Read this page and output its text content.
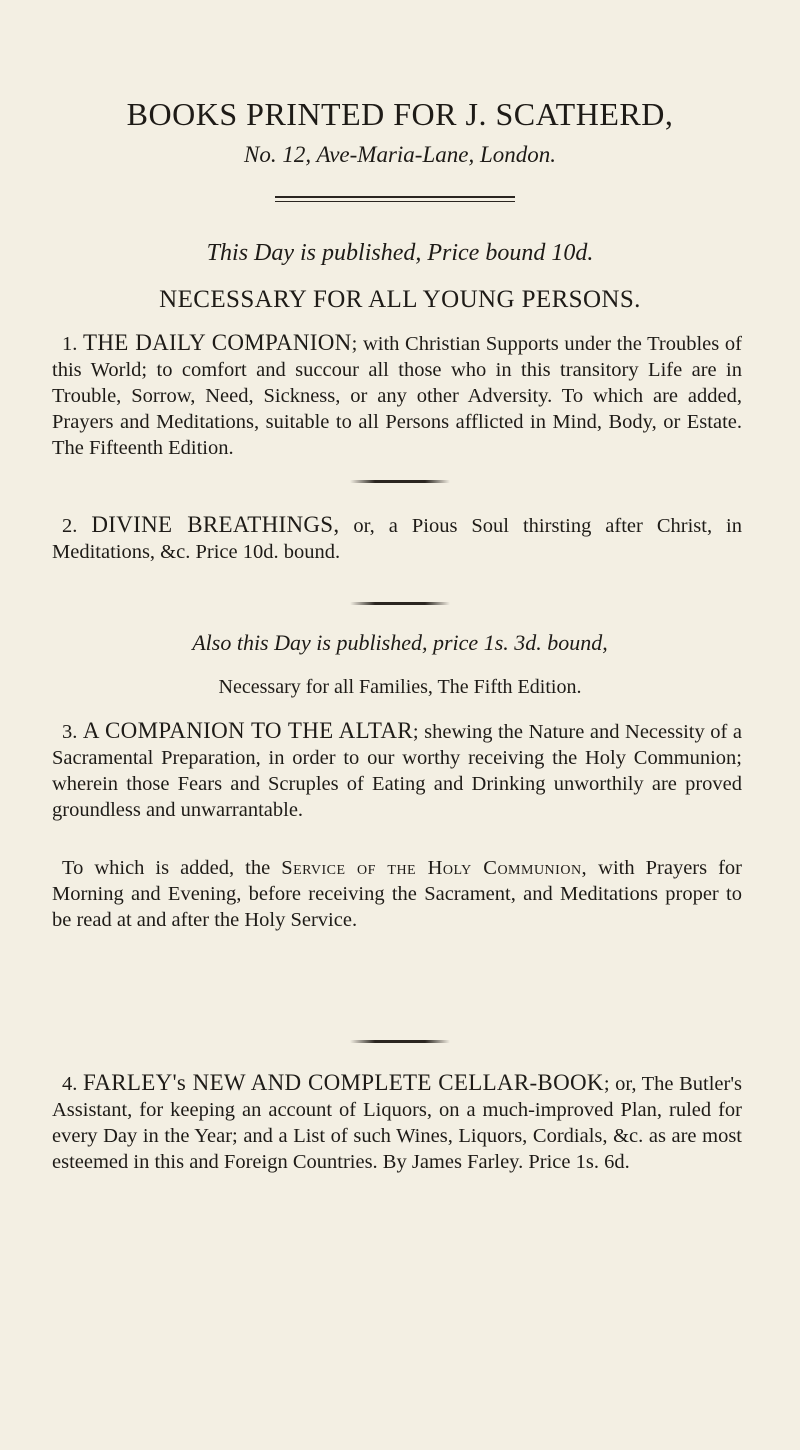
BOOKS PRINTED FOR J. SCATHERD,

No. 12, Ave-Maria-Lane, London.

This Day is published, Price bound 10d.

NECESSARY FOR ALL YOUNG PERSONS.

1. THE DAILY COMPANION; with Christian Supports under the Troubles of this World; to comfort and succour all those who in this transitory Life are in Trouble, Sorrow, Need, Sickness, or any other Adversity. To which are added, Prayers and Meditations, suitable to all Persons afflicted in Mind, Body, or Estate. The Fifteenth Edition.

2. DIVINE BREATHINGS, or, a Pious Soul thirsting after Christ, in Meditations, &c. Price 10d. bound.

Also this Day is published, price 1s. 3d. bound,

Necessary for all Families, The Fifth Edition.

3. A COMPANION TO THE ALTAR; shewing the Nature and Necessity of a Sacramental Preparation, in order to our worthy receiving the Holy Communion; wherein those Fears and Scruples of Eating and Drinking unworthily are proved groundless and unwarrantable.

To which is added, the Service of the Holy Communion, with Prayers for Morning and Evening, before receiving the Sacrament, and Meditations proper to be read at and after the Holy Service.

4. FARLEY's NEW AND COMPLETE CELLAR-BOOK; or, The Butler's Assistant, for keeping an account of Liquors, on a much-improved Plan, ruled for every Day in the Year; and a List of such Wines, Liquors, Cordials, &c. as are most esteemed in this and Foreign Countries. By James Farley. Price 1s. 6d.
